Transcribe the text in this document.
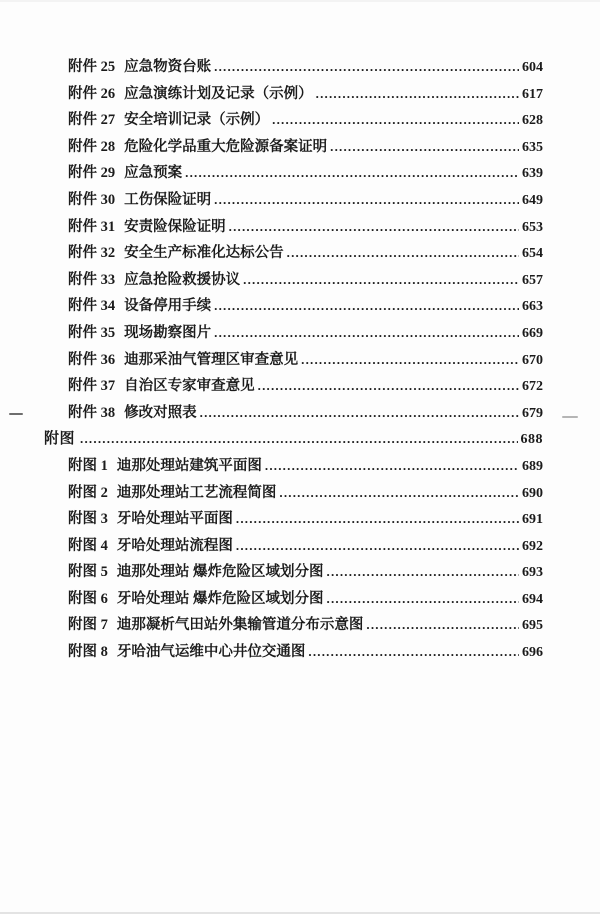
附件 25 应急物资台账 .....	604
附件 26 应急演练计划及记录（示例） .....	617
附件 27 安全培训记录（示例） .....	628
附件 28 危险化学品重大危险源备案证明 .....	635
附件 29 应急预案 .....	639
附件 30 工伤保险证明 .....	649
附件 31 安责险保险证明 .....	653
附件 32 安全生产标准化达标公告 .....	654
附件 33 应急抢险救援协议 .....	657
附件 34 设备停用手续 .....	663
附件 35 现场勘察图片 .....	669
附件 36 迪那采油气管理区审查意见 .....	670
附件 37 自治区专家审查意见 .....	672
附件 38 修改对照表 .....	679
附图 .....	688
附图 1 迪那处理站建筑平面图 .....	689
附图 2 迪那处理站工艺流程简图 .....	690
附图 3 牙哈处理站平面图 .....	691
附图 4 牙哈处理站流程图 .....	692
附图 5 迪那处理站 爆炸危险区域划分图 .....	693
附图 6 牙哈处理站 爆炸危险区域划分图 .....	694
附图 7 迪那凝析气田站外集输管道分布示意图 .....	695
附图 8 牙哈油气运维中心井位交通图 .....	696
